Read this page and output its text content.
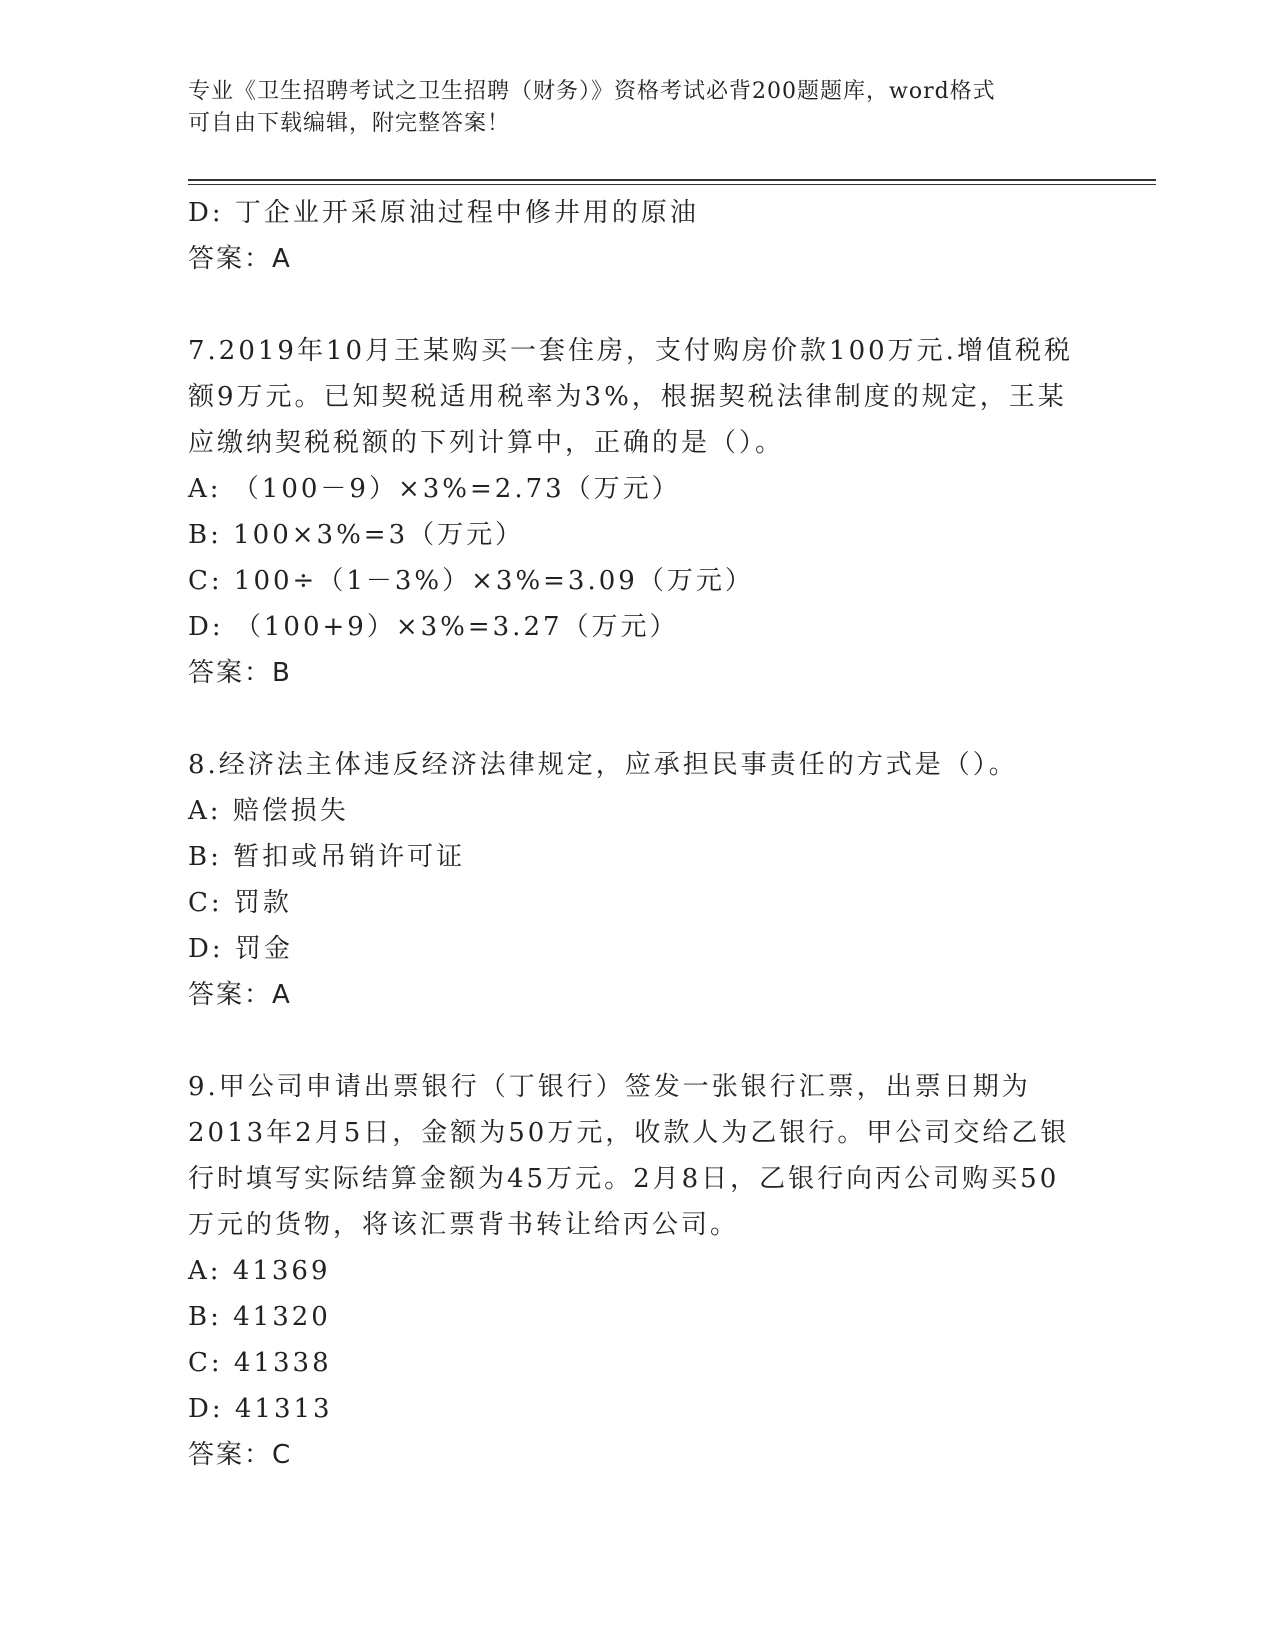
专业《卫生招聘考试之卫生招聘（财务）》资格考试必背200题题库，word格式
可自由下载编辑，附完整答案！
D: 丁企业开采原油过程中修井用的原油
答案：A
7.2019年10月王某购买一套住房，支付购房价款100万元.增值税税
额9万元。已知契税适用税率为3%，根据契税法律制度的规定，王某
应缴纳契税税额的下列计算中，正确的是（）。
A: （100－9）×3%=2.73（万元）
B: 100×3%=3（万元）
C: 100÷（1－3%）×3%=3.09（万元）
D: （100+9）×3%=3.27（万元）
答案：B
8.经济法主体违反经济法律规定，应承担民事责任的方式是（）。
A: 赔偿损失
B: 暂扣或吊销许可证
C: 罚款
D: 罚金
答案：A
9.甲公司申请出票银行（丁银行）签发一张银行汇票，出票日期为
2013年2月5日，金额为50万元，收款人为乙银行。甲公司交给乙银
行时填写实际结算金额为45万元。2月8日，乙银行向丙公司购买50
万元的货物，将该汇票背书转让给丙公司。
A: 41369
B: 41320
C: 41338
D: 41313
答案：C
